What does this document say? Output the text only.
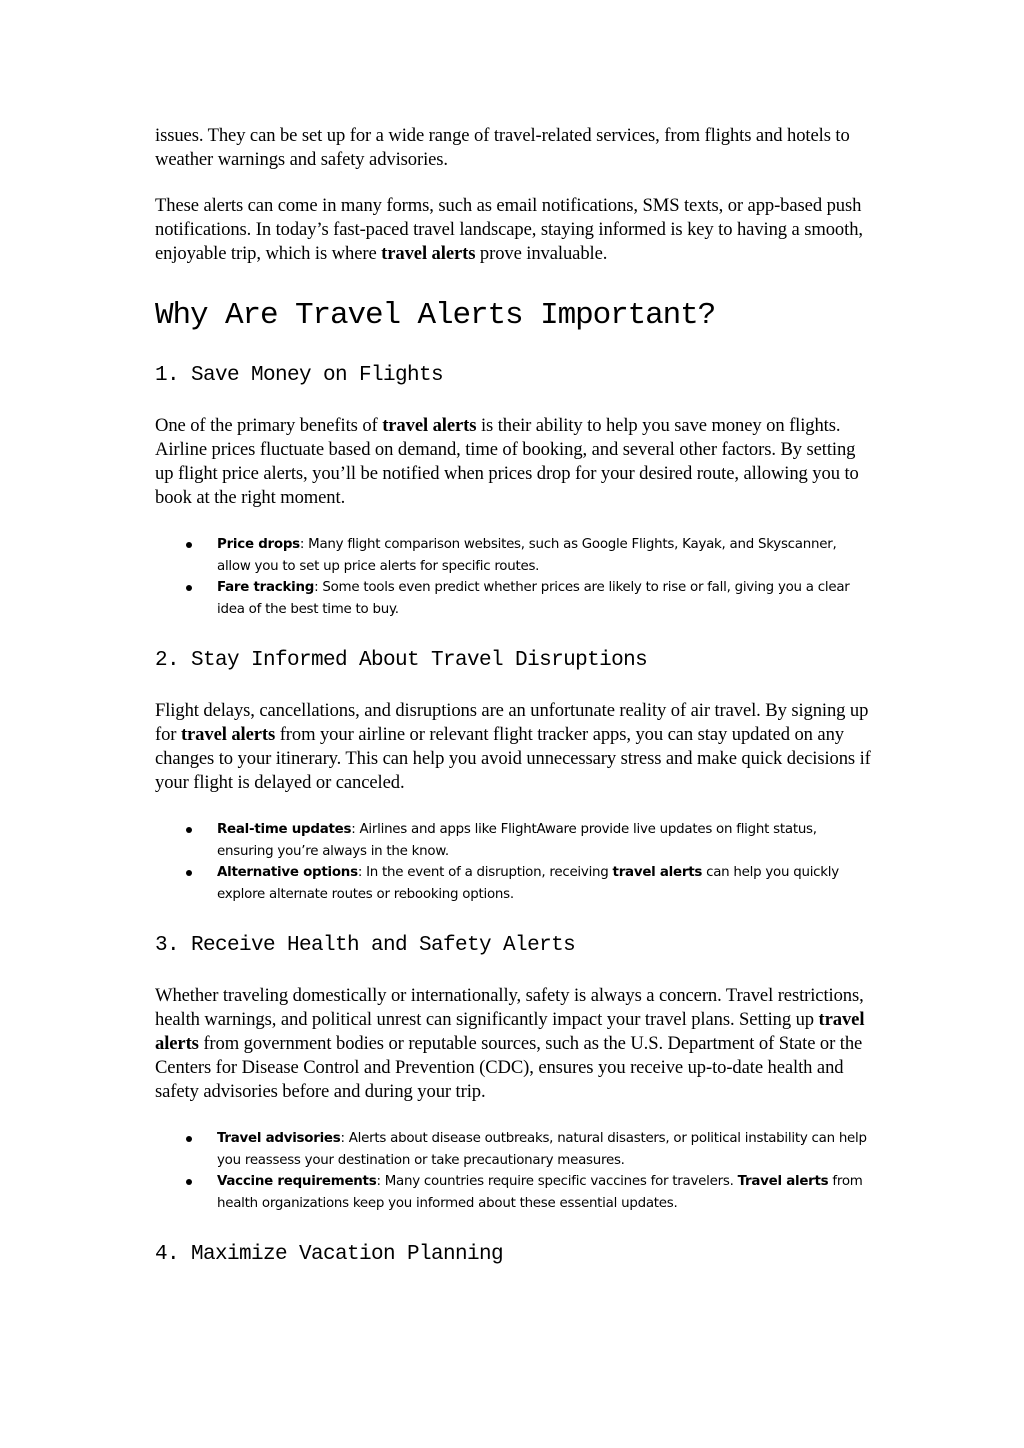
issues. They can be set up for a wide range of travel-related services, from flights and hotels to weather warnings and safety advisories.

These alerts can come in many forms, such as email notifications, SMS texts, or app-based push notifications. In today’s fast-paced travel landscape, staying informed is key to having a smooth, enjoyable trip, which is where travel alerts prove invaluable.

Why Are Travel Alerts Important?
1. Save Money on Flights

One of the primary benefits of travel alerts is their ability to help you save money on flights. Airline prices fluctuate based on demand, time of booking, and several other factors. By setting up flight price alerts, you’ll be notified when prices drop for your desired route, allowing you to book at the right moment.

Price drops: Many flight comparison websites, such as Google Flights, Kayak, and Skyscanner, allow you to set up price alerts for specific routes.
Fare tracking: Some tools even predict whether prices are likely to rise or fall, giving you a clear idea of the best time to buy.
2. Stay Informed About Travel Disruptions

Flight delays, cancellations, and disruptions are an unfortunate reality of air travel. By signing up for travel alerts from your airline or relevant flight tracker apps, you can stay updated on any changes to your itinerary. This can help you avoid unnecessary stress and make quick decisions if your flight is delayed or canceled.

Real-time updates: Airlines and apps like FlightAware provide live updates on flight status, ensuring you’re always in the know.
Alternative options: In the event of a disruption, receiving travel alerts can help you quickly explore alternate routes or rebooking options.
3. Receive Health and Safety Alerts

Whether traveling domestically or internationally, safety is always a concern. Travel restrictions, health warnings, and political unrest can significantly impact your travel plans. Setting up travel alerts from government bodies or reputable sources, such as the U.S. Department of State or the Centers for Disease Control and Prevention (CDC), ensures you receive up-to-date health and safety advisories before and during your trip.

Travel advisories: Alerts about disease outbreaks, natural disasters, or political instability can help you reassess your destination or take precautionary measures.
Vaccine requirements: Many countries require specific vaccines for travelers. Travel alerts from health organizations keep you informed about these essential updates.
4. Maximize Vacation Planning
